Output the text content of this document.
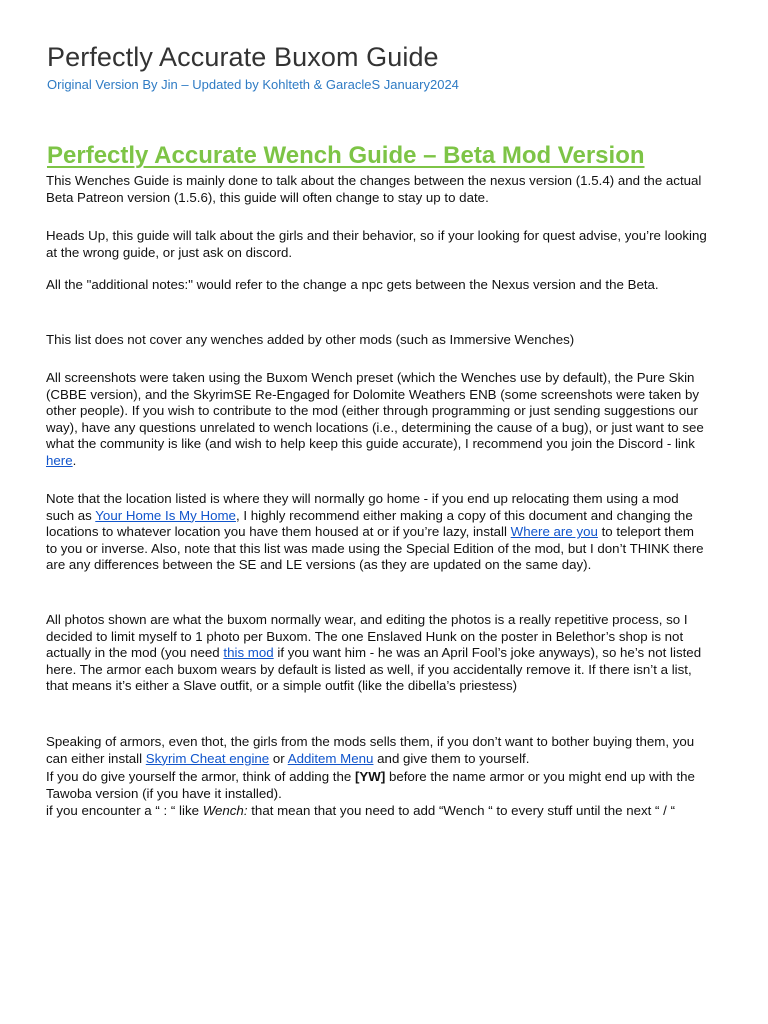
Perfectly Accurate Buxom Guide

Original Version By Jin – Updated by Kohlteth & GaracleS January2024

Perfectly Accurate Wench Guide – Beta Mod Version

This Wenches Guide is mainly done to talk about the changes between the nexus version (1.5.4) and the actual Beta Patreon version (1.5.6), this guide will often change to stay up to date.

Heads Up, this guide will talk about the girls and their behavior, so if your looking for quest advise, you’re looking at the wrong guide, or just ask on discord.

All the "additional notes:" would refer to the change a npc gets between the Nexus version and the Beta.

This list does not cover any wenches added by other mods (such as Immersive Wenches)

All screenshots were taken using the Buxom Wench preset (which the Wenches use by default), the Pure Skin (CBBE version), and the SkyrimSE Re-Engaged for Dolomite Weathers ENB (some screenshots were taken by other people). If you wish to contribute to the mod (either through programming or just sending suggestions our way), have any questions unrelated to wench locations (i.e., determining the cause of a bug), or just want to see what the community is like (and wish to help keep this guide accurate), I recommend you join the Discord - link here.

Note that the location listed is where they will normally go home - if you end up relocating them using a mod such as Your Home Is My Home, I highly recommend either making a copy of this document and changing the locations to whatever location you have them housed at or if you’re lazy, install Where are you to teleport them to you or inverse. Also, note that this list was made using the Special Edition of the mod, but I don’t THINK there are any differences between the SE and LE versions (as they are updated on the same day).

All photos shown are what the buxom normally wear, and editing the photos is a really repetitive process, so I decided to limit myself to 1 photo per Buxom. The one Enslaved Hunk on the poster in Belethor’s shop is not actually in the mod (you need this mod if you want him - he was an April Fool’s joke anyways), so he’s not listed here. The armor each buxom wears by default is listed as well, if you accidentally remove it. If there isn’t a list, that means it’s either a Slave outfit, or a simple outfit (like the dibella’s priestess)

Speaking of armors, even thot, the girls from the mods sells them, if you don’t want to bother buying them, you can either install Skyrim Cheat engine or Additem Menu and give them to yourself.

If you do give yourself the armor, think of adding the [YW] before the name armor or you might end up with the Tawoba version (if you have it installed).

if you encounter a “ : “ like Wench: that mean that you need to add “Wench “ to every stuff until the next “ / “
